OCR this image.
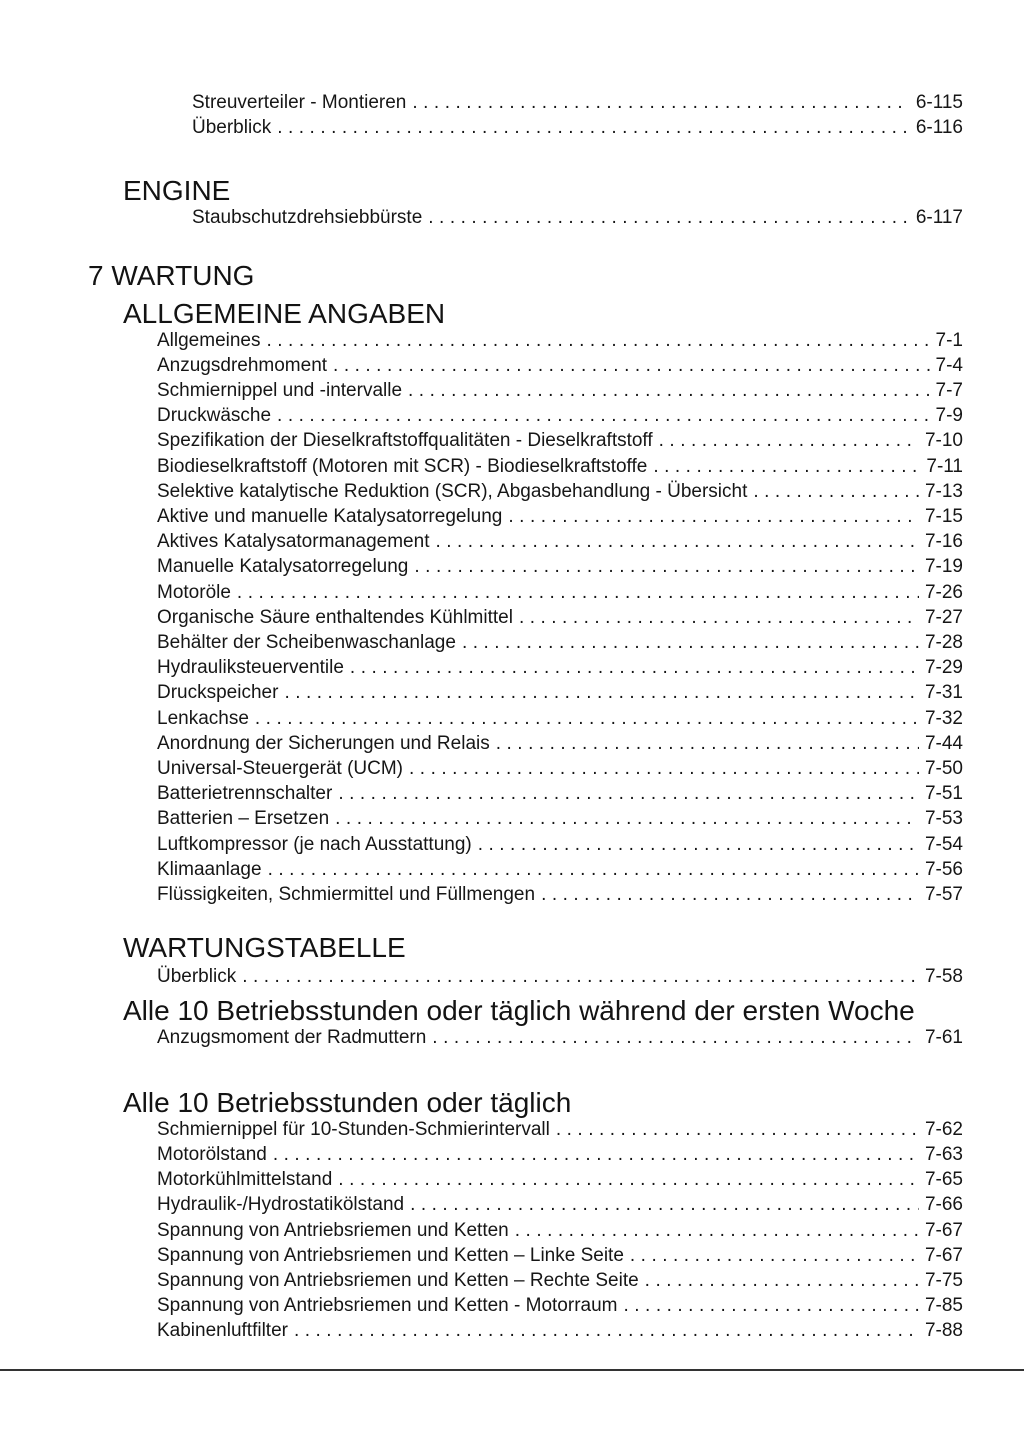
Streuverteiler - Montieren .....	6-115
Überblick .....	6-116
ENGINE
Staubschutzdrehsiebbürste .....	6-117
7 WARTUNG
ALLGEMEINE ANGABEN
Allgemeines .....	7-1
Anzugsdrehmoment .....	7-4
Schmiernippel und -intervalle .....	7-7
Druckwäsche .....	7-9
Spezifikation der Dieselkraftstoffqualitäten - Dieselkraftstoff .....	7-10
Biodieselkraftstoff (Motoren mit SCR) - Biodieselkraftstoffe .....	7-11
Selektive katalytische Reduktion (SCR), Abgasbehandlung - Übersicht .....	7-13
Aktive und manuelle Katalysatorregelung .....	7-15
Aktives Katalysatormanagement .....	7-16
Manuelle Katalysatorregelung .....	7-19
Motoröle .....	7-26
Organische Säure enthaltendes Kühlmittel .....	7-27
Behälter der Scheibenwaschanlage .....	7-28
Hydrauliksteuerventile .....	7-29
Druckspeicher .....	7-31
Lenkachse .....	7-32
Anordnung der Sicherungen und Relais .....	7-44
Universal-Steuergerät (UCM) .....	7-50
Batterietrennschalter .....	7-51
Batterien – Ersetzen .....	7-53
Luftkompressor (je nach Ausstattung) .....	7-54
Klimaanlage .....	7-56
Flüssigkeiten, Schmiermittel und Füllmengen .....	7-57
WARTUNGSTABELLE
Überblick .....	7-58
Alle 10 Betriebsstunden oder täglich während der ersten Woche
Anzugsmoment der Radmuttern .....	7-61
Alle 10 Betriebsstunden oder täglich
Schmiernippel für 10-Stunden-Schmierintervall .....	7-62
Motorölstand .....	7-63
Motorkühlmittelstand .....	7-65
Hydraulik-/Hydrostatikölstand .....	7-66
Spannung von Antriebsriemen und Ketten .....	7-67
Spannung von Antriebsriemen und Ketten – Linke Seite .....	7-67
Spannung von Antriebsriemen und Ketten – Rechte Seite .....	7-75
Spannung von Antriebsriemen und Ketten - Motorraum .....	7-85
Kabinenluftfilter .....	7-88
